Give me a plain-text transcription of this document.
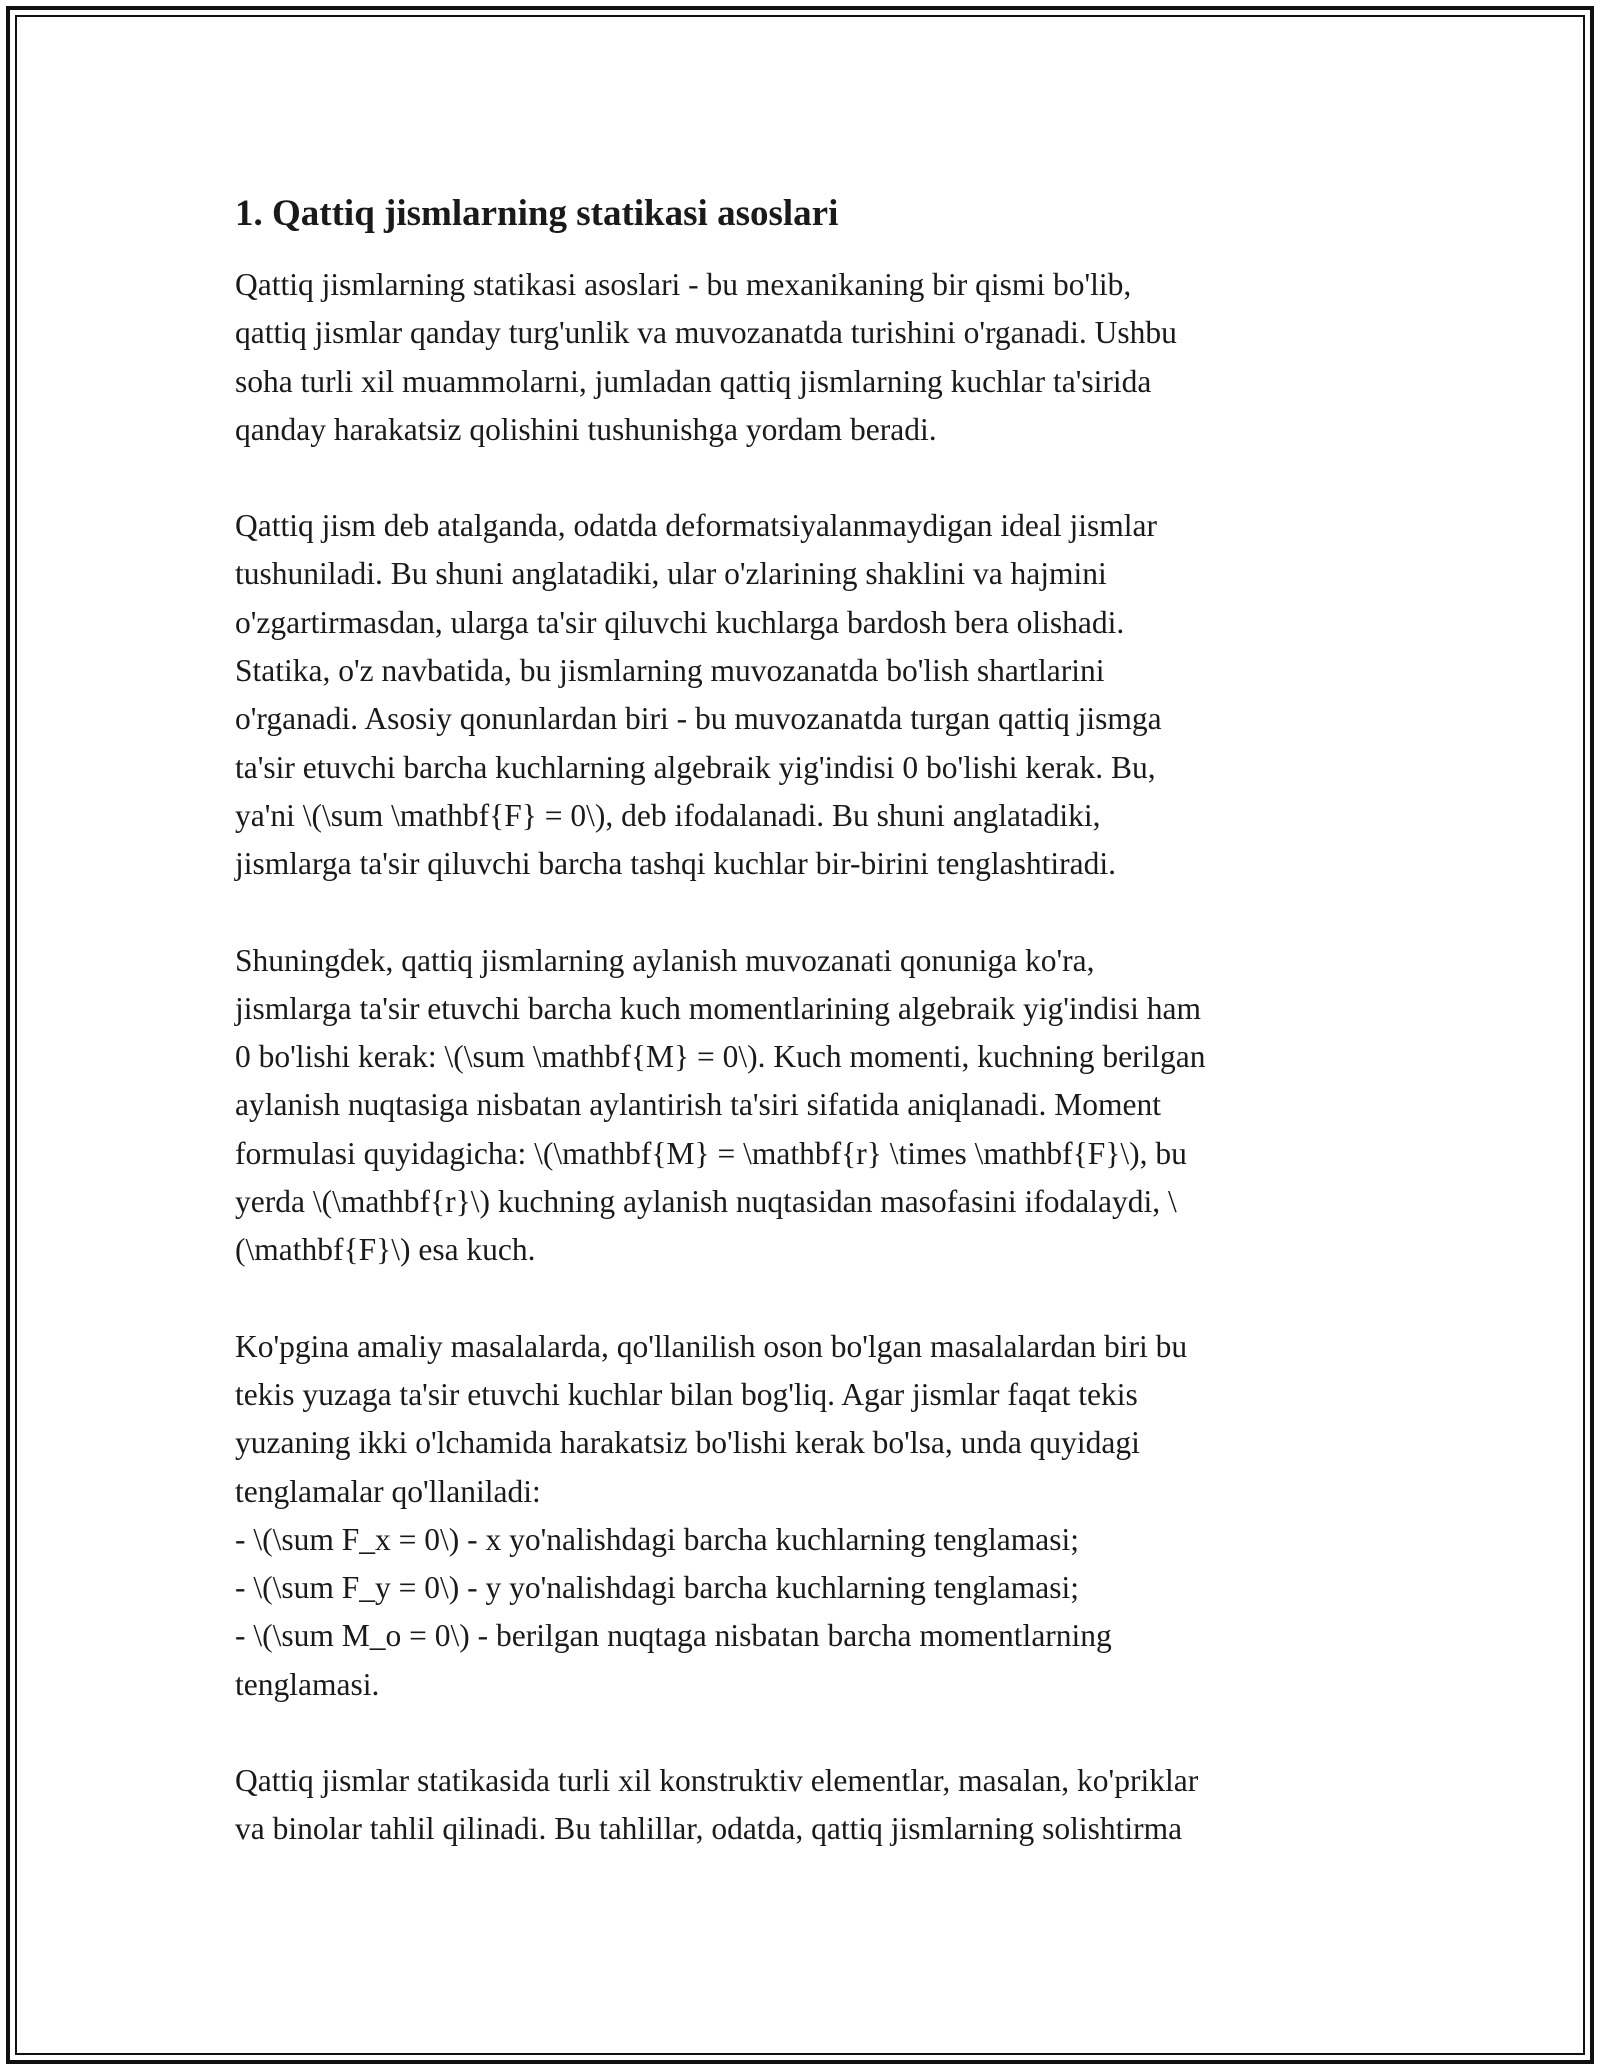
1. Qattiq jismlarning statikasi asoslari
Qattiq jismlarning statikasi asoslari - bu mexanikaning bir qismi bo'lib,
qattiq jismlar qanday turg'unlik va muvozanatda turishini o'rganadi. Ushbu
soha turli xil muammolarni, jumladan qattiq jismlarning kuchlar ta'sirida
qanday harakatsiz qolishini tushunishga yordam beradi.
Qattiq jism deb atalganda, odatda deformatsiyalanmaydigan ideal jismlar
tushuniladi. Bu shuni anglatadiki, ular o'zlarining shaklini va hajmini
o'zgartirmasdan, ularga ta'sir qiluvchi kuchlarga bardosh bera olishadi.
Statika, o'z navbatida, bu jismlarning muvozanatda bo'lish shartlarini
o'rganadi. Asosiy qonunlardan biri - bu muvozanatda turgan qattiq jismga
ta'sir etuvchi barcha kuchlarning algebraik yig'indisi 0 bo'lishi kerak. Bu,
ya'ni \(\sum \mathbf{F} = 0\), deb ifodalanadi. Bu shuni anglatadiki,
jismlarga ta'sir qiluvchi barcha tashqi kuchlar bir-birini tenglashtiradi.
Shuningdek, qattiq jismlarning aylanish muvozanati qonuniga ko'ra,
jismlarga ta'sir etuvchi barcha kuch momentlarining algebraik yig'indisi ham
0 bo'lishi kerak: \(\sum \mathbf{M} = 0\). Kuch momenti, kuchning berilgan
aylanish nuqtasiga nisbatan aylantirish ta'siri sifatida aniqlanadi. Moment
formulasi quyidagicha: \(\mathbf{M} = \mathbf{r} \times \mathbf{F}\), bu
yerda \(\mathbf{r}\) kuchning aylanish nuqtasidan masofasini ifodalaydi, \
(\mathbf{F}\) esa kuch.
Ko'pgina amaliy masalalarda, qo'llanilish oson bo'lgan masalalardan biri bu
tekis yuzaga ta'sir etuvchi kuchlar bilan bog'liq. Agar jismlar faqat tekis
yuzaning ikki o'lchamida harakatsiz bo'lishi kerak bo'lsa, unda quyidagi
tenglamalar qo'llaniladi:
- \(\sum F_x = 0\) - x yo'nalishdagi barcha kuchlarning tenglamasi;
- \(\sum F_y = 0\) - y yo'nalishdagi barcha kuchlarning tenglamasi;
- \(\sum M_o = 0\) - berilgan nuqtaga nisbatan barcha momentlarning
tenglamasi.
Qattiq jismlar statikasida turli xil konstruktiv elementlar, masalan, ko'priklar
va binolar tahlil qilinadi. Bu tahlillar, odatda, qattiq jismlarning solishtirma
